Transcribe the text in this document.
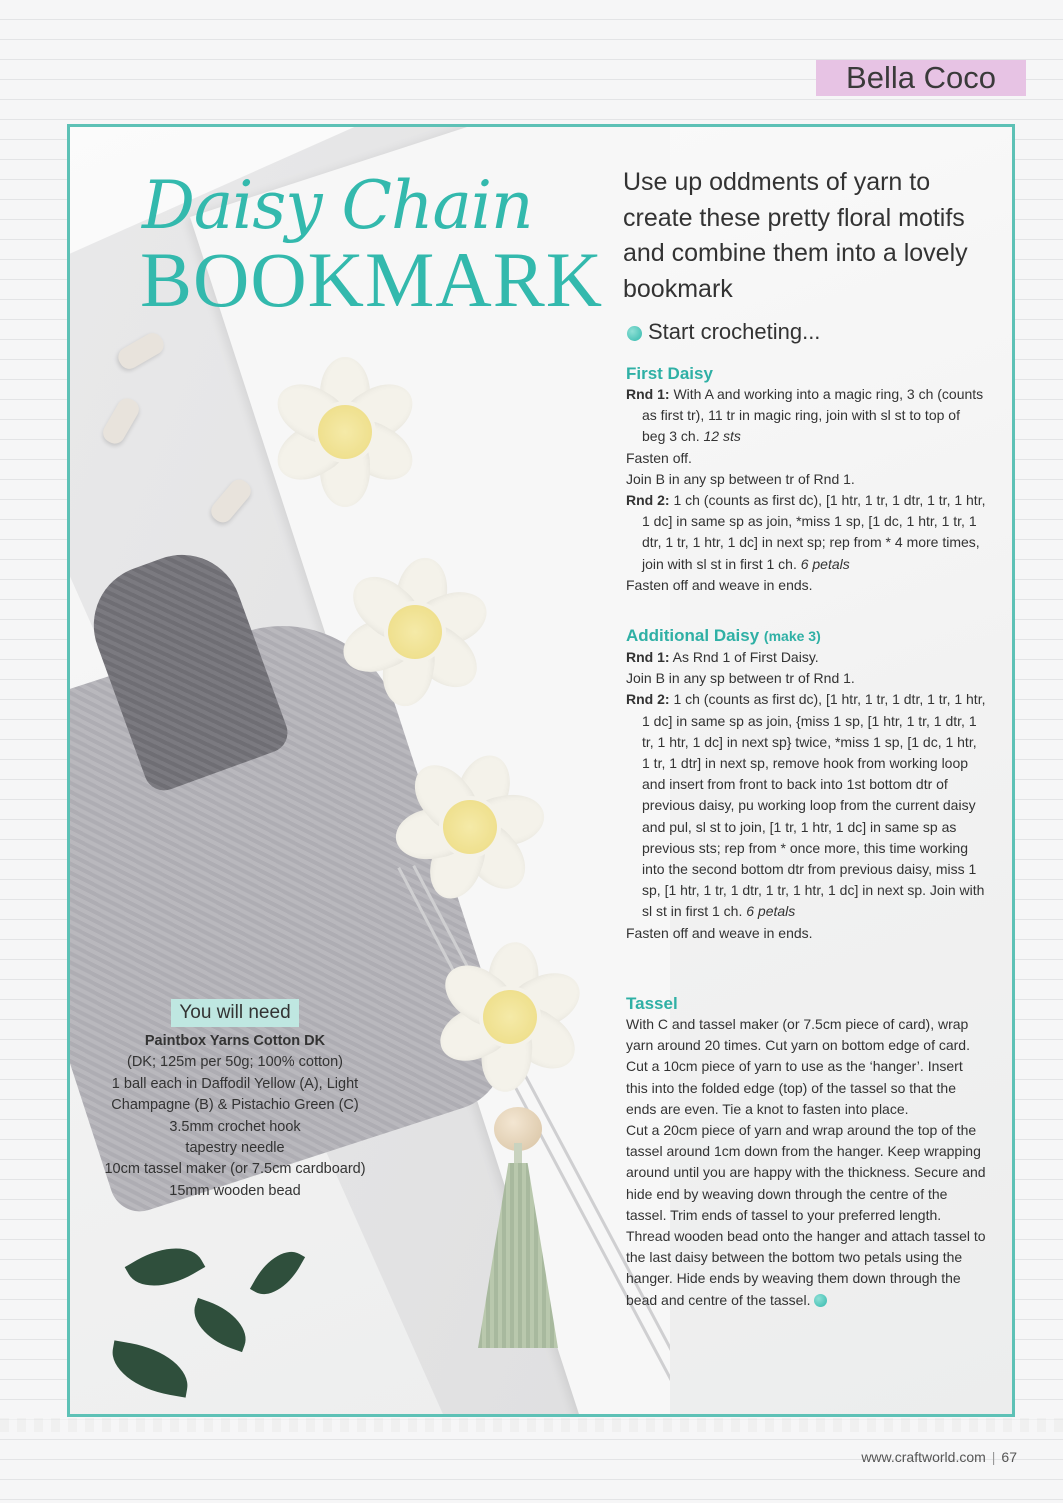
Bella Coco
Daisy Chain
BOOKMARK
You will need
Paintbox Yarns Cotton DK
(DK; 125m per 50g; 100% cotton)
1 ball each in Daffodil Yellow (A), Light
Champagne (B) & Pistachio Green (C)
3.5mm crochet hook
tapestry needle
10cm tassel maker (or 7.5cm cardboard)
15mm wooden bead
Use up oddments of yarn to create these pretty floral motifs and combine them into a lovely bookmark
Start crocheting...
First Daisy
Rnd 1: With A and working into a magic ring, 3 ch (counts as first tr), 11 tr in magic ring, join with sl st to top of beg 3 ch. 12 sts
Fasten off.
Join B in any sp between tr of Rnd 1.
Rnd 2: 1 ch (counts as first dc), [1 htr, 1 tr, 1 dtr, 1 tr, 1 htr, 1 dc] in same sp as join, *miss 1 sp, [1 dc, 1 htr, 1 tr, 1 dtr, 1 tr, 1 htr, 1 dc] in next sp; rep from * 4 more times, join with sl st in first 1 ch. 6 petals
Fasten off and weave in ends.
Additional Daisy (make 3)
Rnd 1: As Rnd 1 of First Daisy.
Join B in any sp between tr of Rnd 1.
Rnd 2: 1 ch (counts as first dc), [1 htr, 1 tr, 1 dtr, 1 tr, 1 htr, 1 dc] in same sp as join, {miss 1 sp, [1 htr, 1 tr, 1 dtr, 1 tr, 1 htr, 1 dc] in next sp} twice, *miss 1 sp, [1 dc, 1 htr, 1 tr, 1 dtr] in next sp, remove hook from working loop and insert from front to back into 1st bottom dtr of previous daisy, pu working loop from the current daisy and pul, sl st to join, [1 tr, 1 htr, 1 dc] in same sp as previous sts; rep from * once more, this time working into the second bottom dtr from previous daisy, miss 1 sp, [1 htr, 1 tr, 1 dtr, 1 tr, 1 htr, 1 dc] in next sp. Join with sl st in first 1 ch. 6 petals
Fasten off and weave in ends.
Tassel
With C and tassel maker (or 7.5cm piece of card), wrap yarn around 20 times. Cut yarn on bottom edge of card. Cut a 10cm piece of yarn to use as the ‘hanger’. Insert this into the folded edge (top) of the tassel so that the ends are even. Tie a knot to fasten into place.
Cut a 20cm piece of yarn and wrap around the top of the tassel around 1cm down from the hanger. Keep wrapping around until you are happy with the thickness. Secure and hide end by weaving down through the centre of the tassel. Trim ends of tassel to your preferred length. Thread wooden bead onto the hanger and attach tassel to the last daisy between the bottom two petals using the hanger. Hide ends by weaving them down through the bead and centre of the tassel.
www.craftworld.com | 67
